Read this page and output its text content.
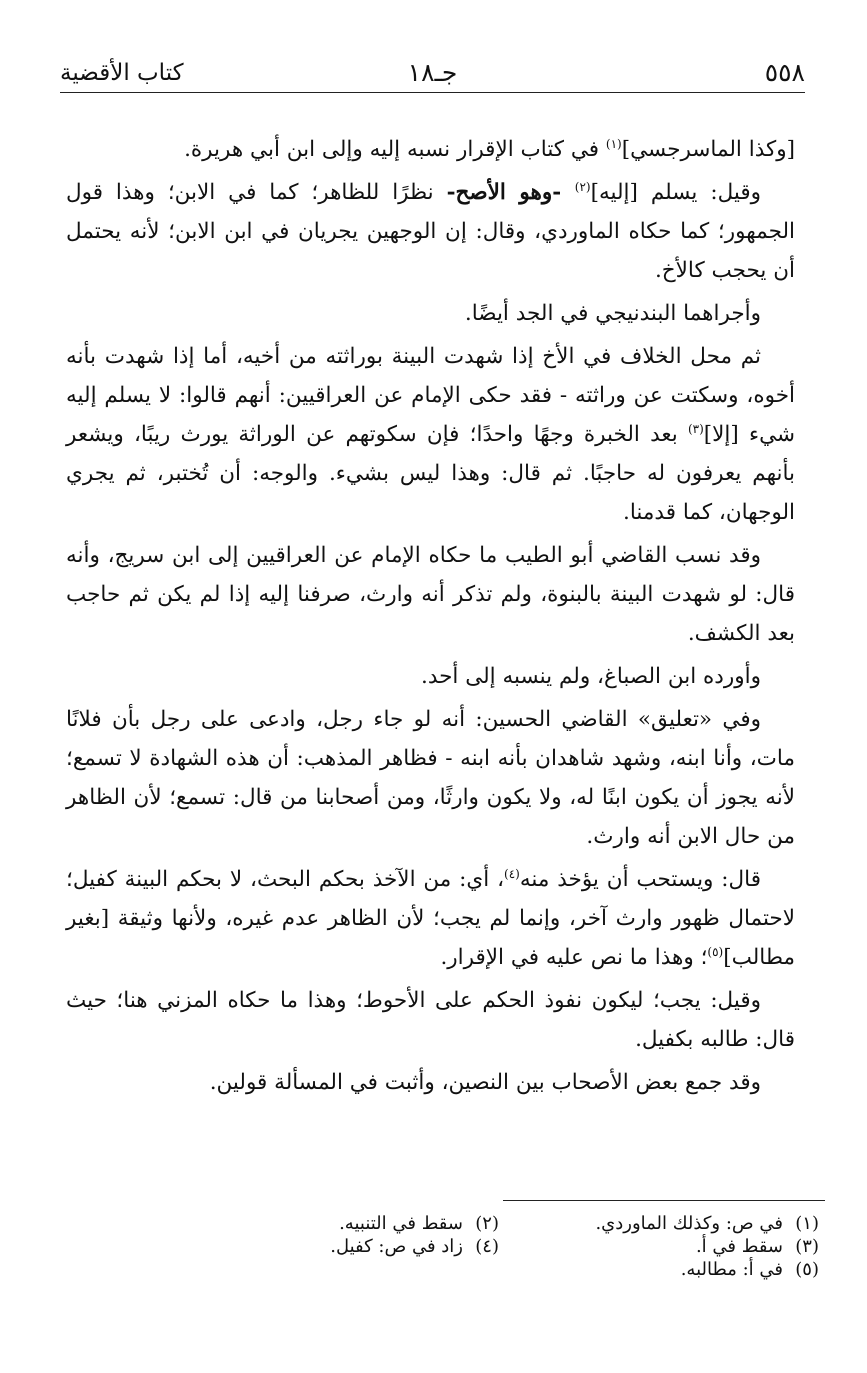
٥٥٨
جـ١٨
كتاب الأقضية

[وكذا الماسرجسي]$^{(١)}$ في كتاب الإقرار نسبه إليه وإلى ابن أبي هريرة.

وقيل: يسلم [إليه]$^{(٢)}$ -وهو الأصح- نظرًا للظاهر؛ كما في الابن؛ وهذا قول الجمهور؛ كما حكاه الماوردي، وقال: إن الوجهين يجريان في ابن الابن؛ لأنه يحتمل أن يحجب كالأخ.

وأجراهما البندنيجي في الجد أيضًا.

ثم محل الخلاف في الأخ إذا شهدت البينة بوراثته من أخيه، أما إذا شهدت بأنه أخوه، وسكتت عن وراثته - فقد حكى الإمام عن العراقيين: أنهم قالوا: لا يسلم إليه شيء [إلا]$^{(٣)}$ بعد الخبرة وجهًا واحدًا؛ فإن سكوتهم عن الوراثة يورث ريبًا، ويشعر بأنهم يعرفون له حاجبًا. ثم قال: وهذا ليس بشيء. والوجه: أن تُختبر، ثم يجري الوجهان، كما قدمنا.

وقد نسب القاضي أبو الطيب ما حكاه الإمام عن العراقيين إلى ابن سريج، وأنه قال: لو شهدت البينة بالبنوة، ولم تذكر أنه وارث، صرفنا إليه إذا لم يكن ثم حاجب بعد الكشف.

وأورده ابن الصباغ، ولم ينسبه إلى أحد.

وفي «تعليق» القاضي الحسين: أنه لو جاء رجل، وادعى على رجل بأن فلانًا مات، وأنا ابنه، وشهد شاهدان بأنه ابنه - فظاهر المذهب: أن هذه الشهادة لا تسمع؛ لأنه يجوز أن يكون ابنًا له، ولا يكون وارثًا، ومن أصحابنا من قال: تسمع؛ لأن الظاهر من حال الابن أنه وارث.

قال: ويستحب أن يؤخذ منه$^{(٤)}$، أي: من الآخذ بحكم البحث، لا بحكم البينة كفيل؛ لاحتمال ظهور وارث آخر، وإنما لم يجب؛ لأن الظاهر عدم غيره، ولأنها وثيقة [بغير مطالب]$^{(٥)}$؛ وهذا ما نص عليه في الإقرار.

وقيل: يجب؛ ليكون نفوذ الحكم على الأحوط؛ وهذا ما حكاه المزني هنا؛ حيث قال: طالبه بكفيل.

وقد جمع بعض الأصحاب بين النصين، وأثبت في المسألة قولين.

(١)في ص: وكذلك الماوردي.
(٢)سقط في التنبيه.
(٣)سقط في أ.
(٤)زاد في ص: كفيل.
(٥)في أ: مطالبه.
